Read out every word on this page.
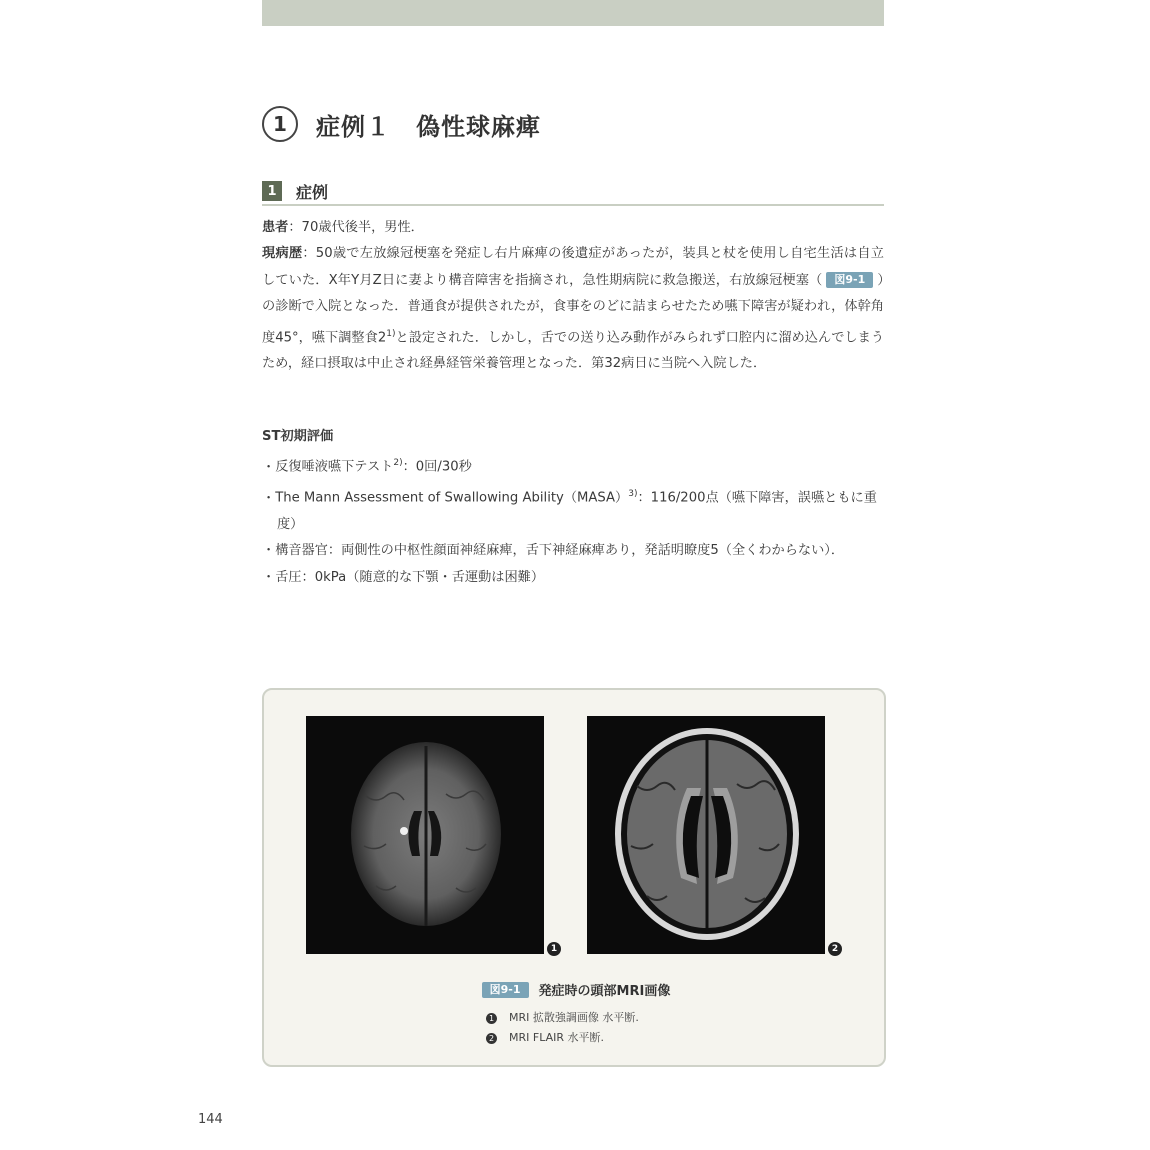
1	症例１　偽性球麻痺
1	症例

患者：70歳代後半，男性．

現病歴：50歳で左放線冠梗塞を発症し右片麻痺の後遺症があったが，装具と杖を使用し自宅生活は自立していた．X年Y月Z日に妻より構音障害を指摘され，急性期病院に救急搬送，右放線冠梗塞（ 図9-1 ）の診断で入院となった．普通食が提供されたが，食事をのどに詰まらせたため嚥下障害が疑われ，体幹角度45°，嚥下調整食2$^{1)}$と設定された．しかし，舌での送り込み動作がみられず口腔内に溜め込んでしまうため，経口摂取は中止され経鼻経管栄養管理となった．第32病日に当院へ入院した．

ST初期評価
・ 反復唾液嚥下テスト$^{2)}$：0回/30秒
・ The Mann Assessment of Swallowing Ability（MASA）$^{3)}$：116/200点（嚥下障害，誤嚥ともに重度）
・ 構音器官：両側性の中枢性顔面神経麻痺，舌下神経麻痺あり，発話明瞭度5（全くわからない）．
・ 舌圧：0kPa（随意的な下顎・舌運動は困難）
1	2
図9-1	発症時の頭部MRI画像
1 MRI 拡散強調画像 水平断.
2 MRI FLAIR 水平断.
144
